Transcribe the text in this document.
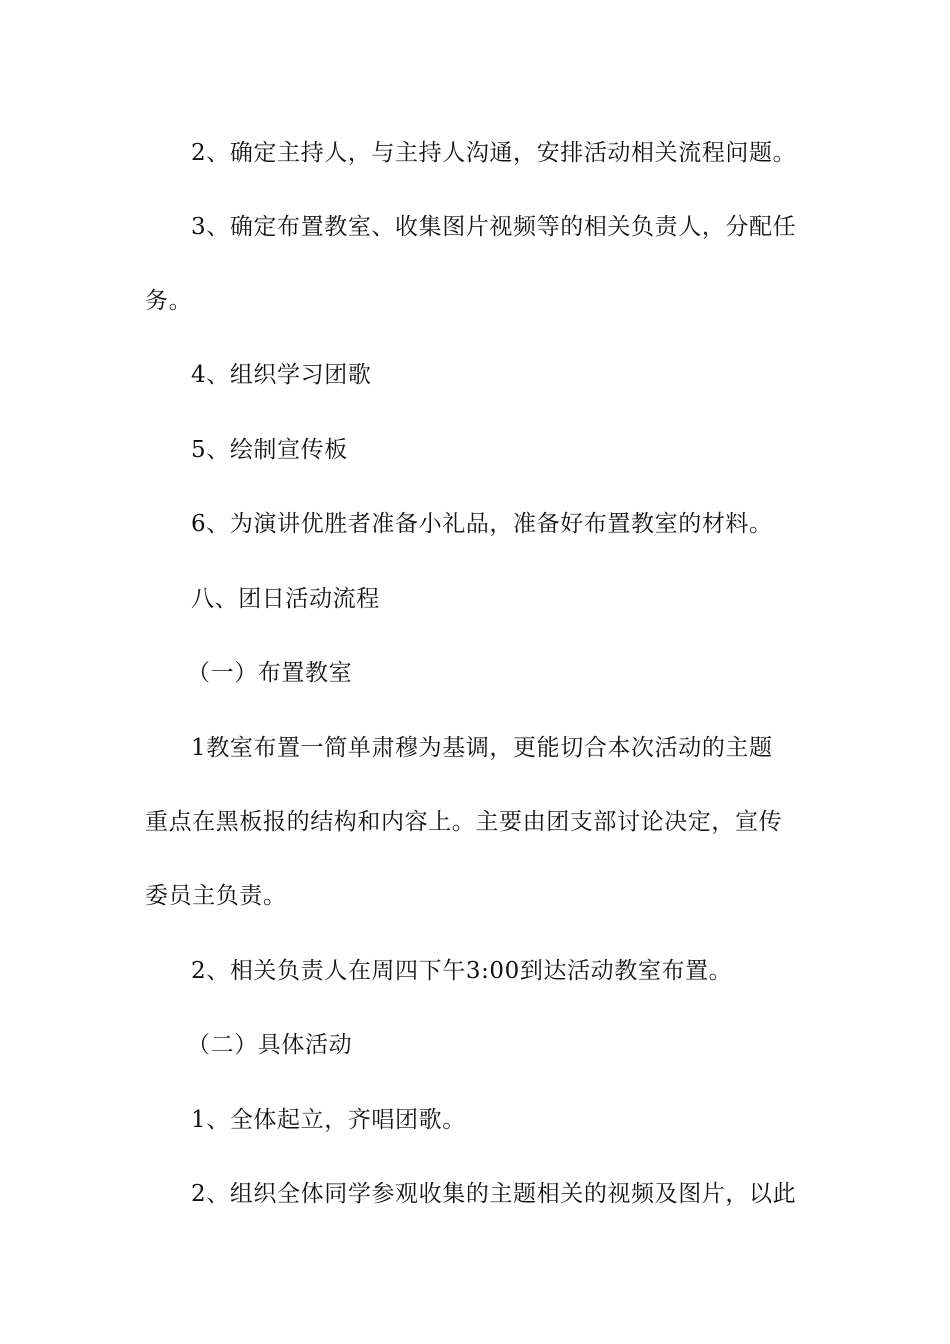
2、确定主持人，与主持人沟通，安排活动相关流程问题。
3、确定布置教室、收集图片视频等的相关负责人，分配任
务。
4、组织学习团歌
5、绘制宣传板
6、为演讲优胜者准备小礼品，准备好布置教室的材料。
八、团日活动流程
（一）布置教室
1教室布置一简单肃穆为基调，更能切合本次活动的主题
重点在黑板报的结构和内容上。主要由团支部讨论决定，宣传
委员主负责。
2、相关负责人在周四下午3:00到达活动教室布置。
（二）具体活动
1、全体起立，齐唱团歌。
2、组织全体同学参观收集的主题相关的视频及图片，以此
